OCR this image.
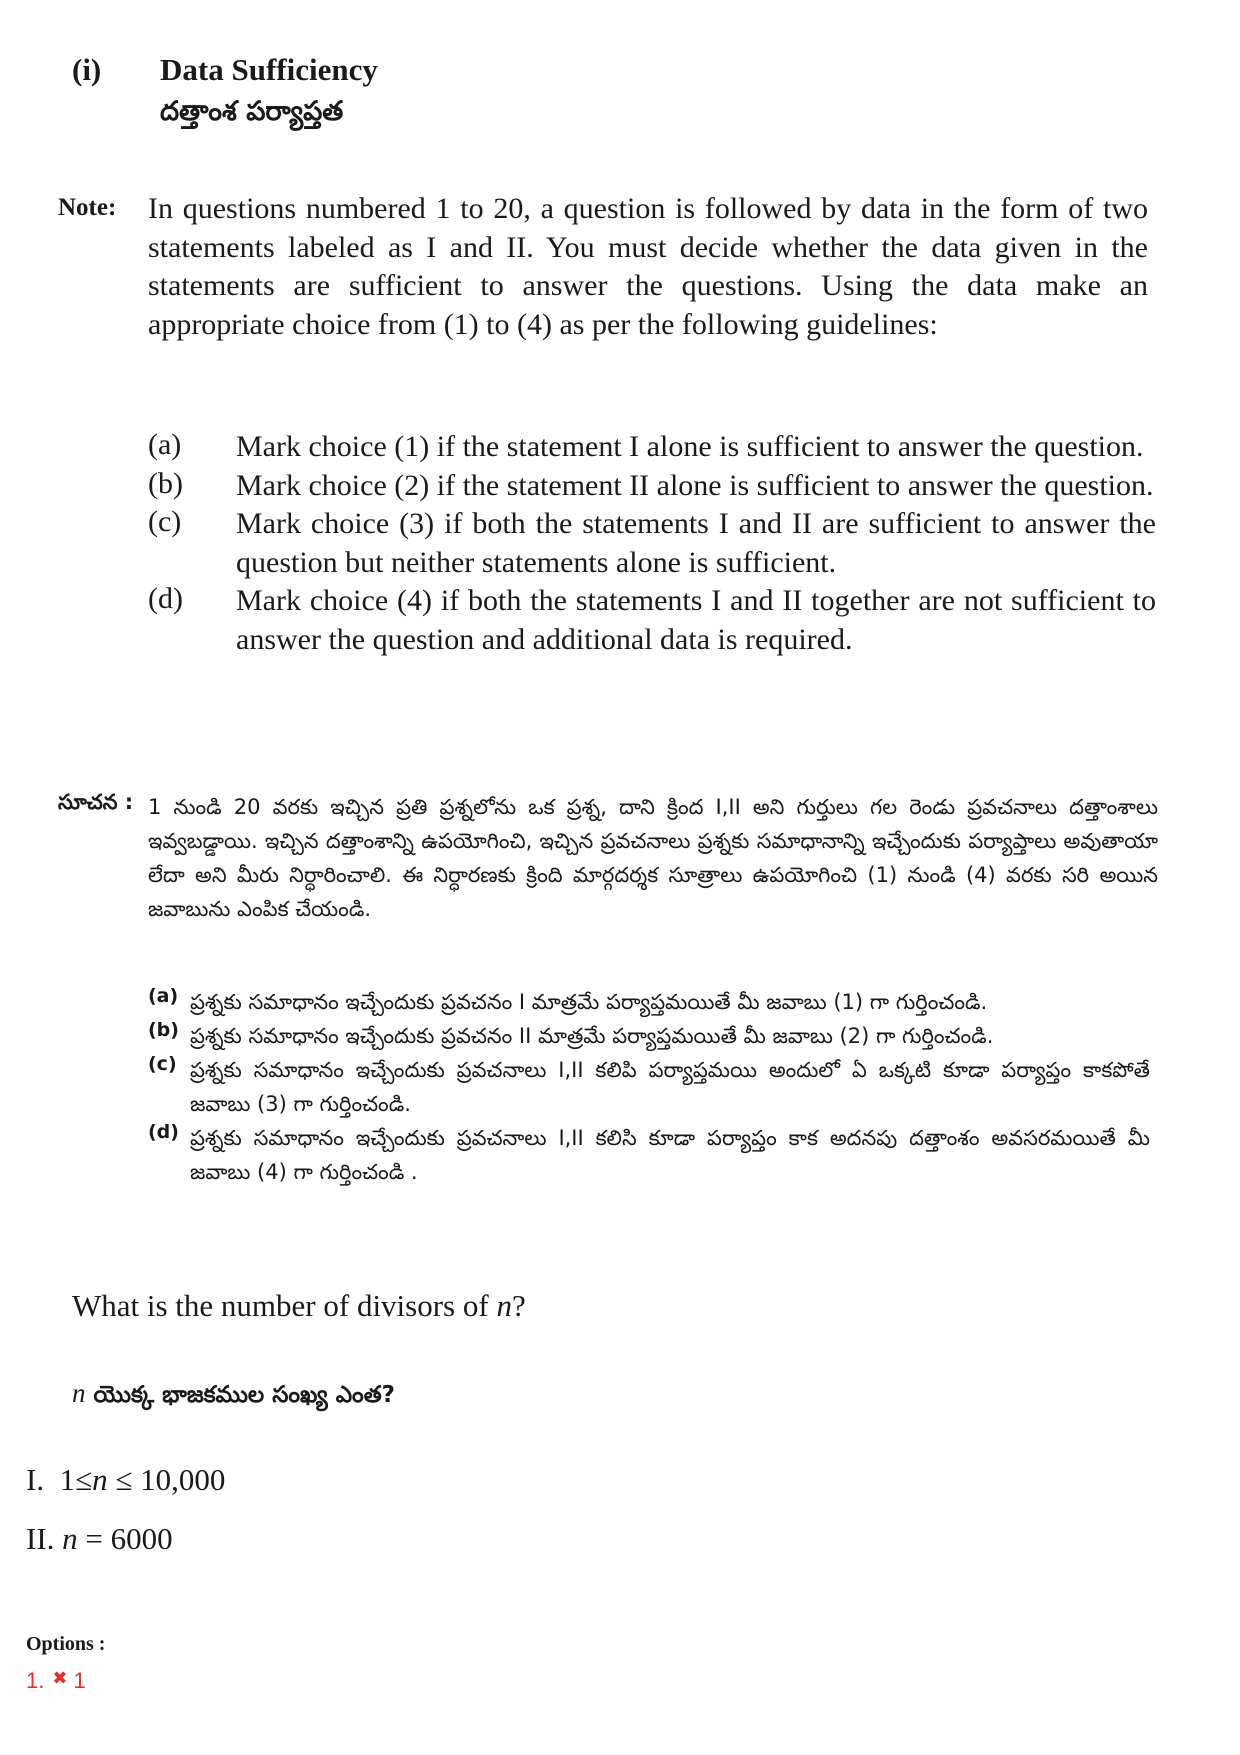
(i) Data Sufficiency
దత్తాంశ పర్యాప్తత
Note: In questions numbered 1 to 20, a question is followed by data in the form of two statements labeled as I and II. You must decide whether the data given in the statements are sufficient to answer the questions. Using the data make an appropriate choice from (1) to (4) as per the following guidelines:
(a) Mark choice (1) if the statement I alone is sufficient to answer the question.
(b) Mark choice (2) if the statement II alone is sufficient to answer the question.
(c) Mark choice (3) if both the statements I and II are sufficient to answer the question but neither statements alone is sufficient.
(d) Mark choice (4) if both the statements I and II together are not sufficient to answer the question and additional data is required.
సూచన : 1 నుండి 20 వరకు ఇచ్చిన ప్రతి ప్రశ్నలోను ఒక ప్రశ్న, దాని క్రింద I,II అని గుర్తులు గల రెండు ప్రవచనాలు దత్తాంశాలు ఇవ్వబడ్డాయి. ఇచ్చిన దత్తాంశాన్ని ఉపయోగించి, ఇచ్చిన ప్రవచనాలు ప్రశ్నకు సమాధానాన్ని ఇచ్చేందుకు పర్యాప్తాలు అవుతాయా లేదా అని మీరు నిర్ధారించాలి. ఈ నిర్ధారణకు క్రింది మార్గదర్శక సూత్రాలు ఉపయోగించి (1) నుండి (4) వరకు సరి అయిన జవాబును ఎంపిక చేయండి.
(a) ప్రశ్నకు సమాధానం ఇచ్చేందుకు ప్రవచనం I మాత్రమే పర్యాప్తమయితే మీ జవాబు (1) గా గుర్తించండి.
(b) ప్రశ్నకు సమాధానం ఇచ్చేందుకు ప్రవచనం II మాత్రమే పర్యాప్తమయితే మీ జవాబు (2) గా గుర్తించండి.
(c) ప్రశ్నకు సమాధానం ఇచ్చేందుకు ప్రవచనాలు I,II కలిపి పర్యాప్తమయి అందులో ఏ ఒక్కటి కూడా పర్యాప్తం కాకపోతే జవాబు (3) గా గుర్తించండి.
(d) ప్రశ్నకు సమాధానం ఇచ్చేందుకు ప్రవచనాలు I,II కలిసి కూడా పర్యాప్తం కాక అదనపు దత్తాంశం అవసరమయితే మీ జవాబు (4) గా గుర్తించండి .
What is the number of divisors of n?
n యొక్క భాజకముల సంఖ్య ఎంత?
I. 1≤n ≤ 10,000
II. n = 6000
Options :
1. ✖ 1
